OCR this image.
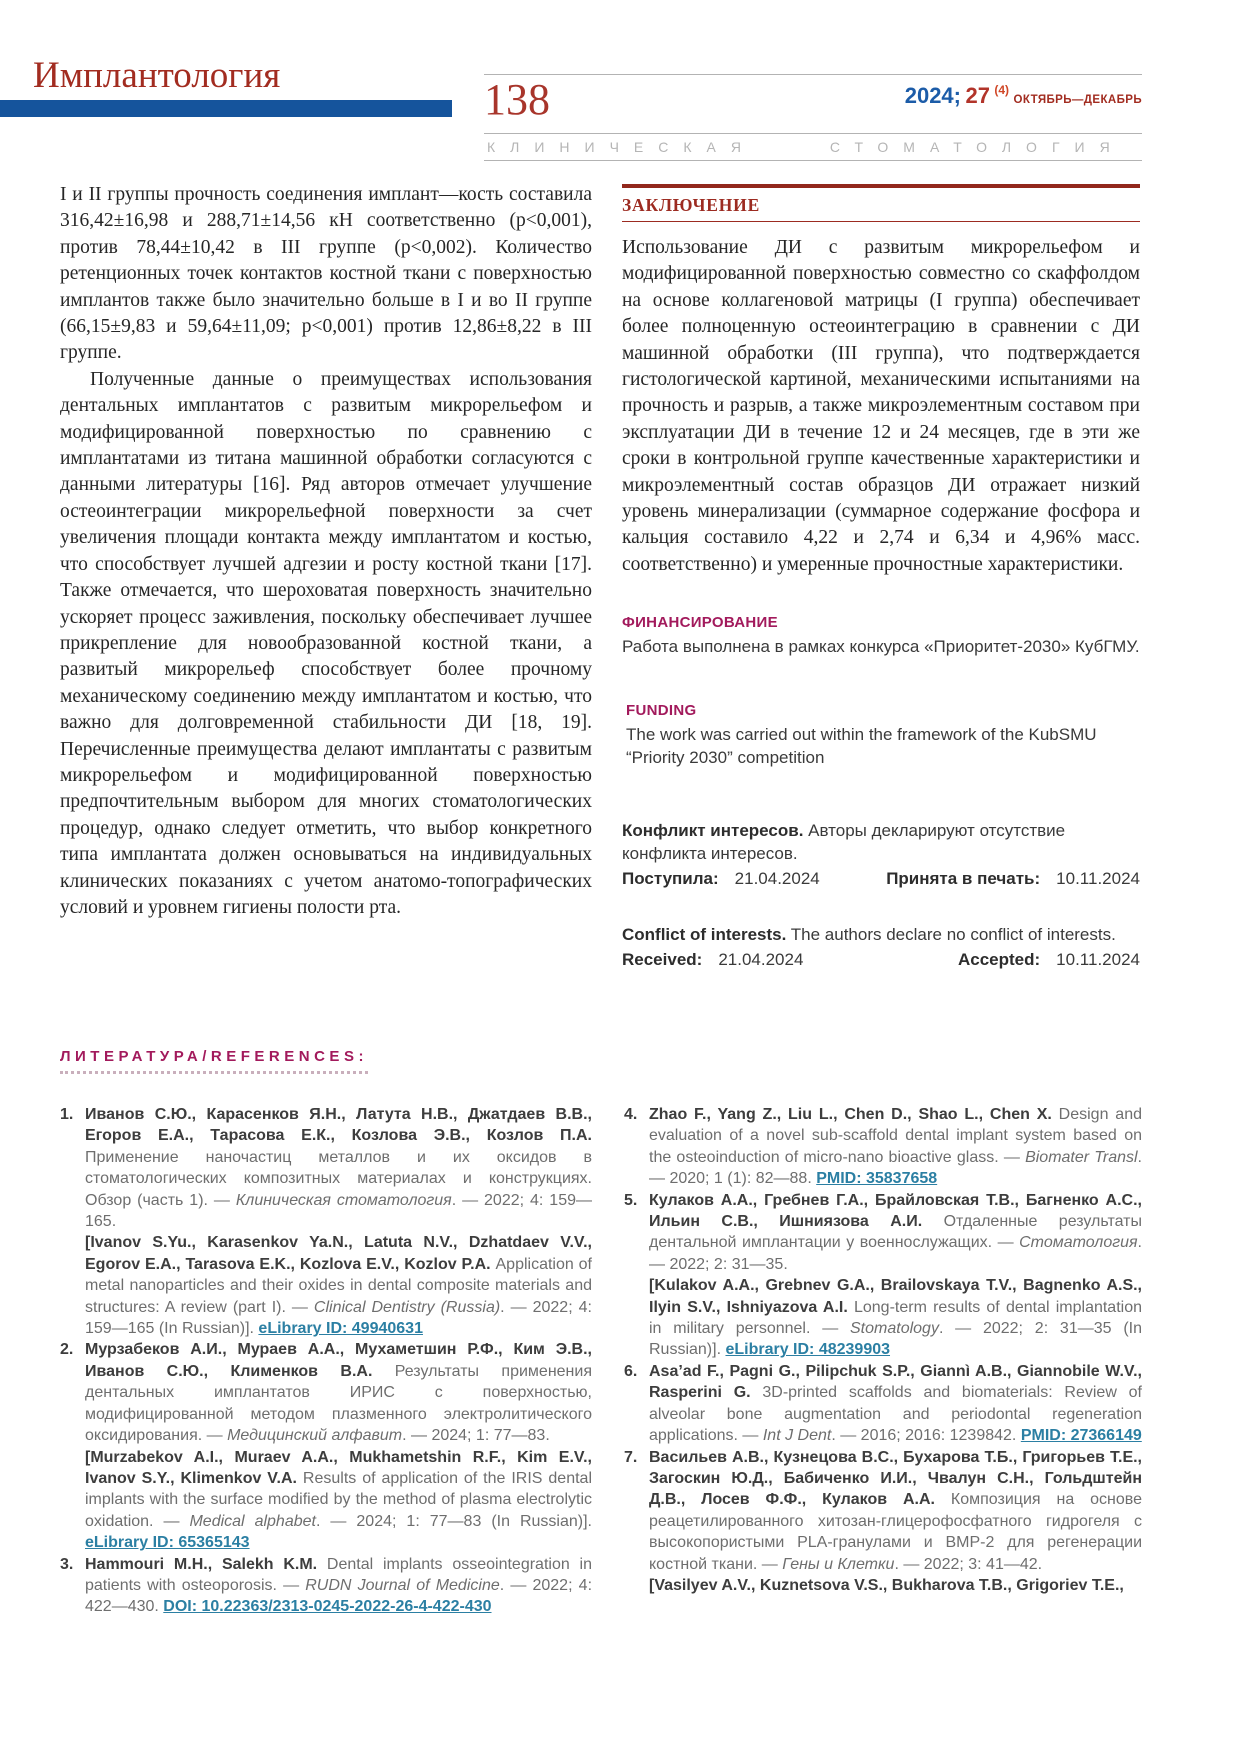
Имплантология	138	2024; 27 $^{(4)}$ ОКТЯБРЬ—ДЕКАБРЬ
КЛИНИЧЕСКАЯ СТОМАТОЛОГИЯ

I и II группы прочность соединения имплант—кость составила 316,42±16,98 и 288,71±14,56 кН соответственно (p<0,001), против 78,44±10,42 в III группе (p<0,002). Количество ретенционных точек контактов костной ткани с поверхностью имплантов также было значительно больше в I и во II группе (66,15±9,83 и 59,64±11,09; p<0,001) против 12,86±8,22 в III группе.

Полученные данные о преимуществах использования дентальных имплантатов с развитым микрорельефом и модифицированной поверхностью по сравнению с имплантатами из титана машинной обработки согласуются с данными литературы [16]. Ряд авторов отмечает улучшение остеоинтеграции микрорельефной поверхности за счет увеличения площади контакта между имплантатом и костью, что способствует лучшей адгезии и росту костной ткани [17]. Также отмечается, что шероховатая поверхность значительно ускоряет процесс заживления, поскольку обеспечивает лучшее прикрепление для новообразованной костной ткани, а развитый микрорельеф способствует более прочному механическому соединению между имплантатом и костью, что важно для долговременной стабильности ДИ [18, 19]. Перечисленные преимущества делают имплантаты с развитым микрорельефом и модифицированной поверхностью предпочтительным выбором для многих стоматологических процедур, однако следует отметить, что выбор конкретного типа имплантата должен основываться на индивидуальных клинических показаниях с учетом анатомо-топографических условий и уровнем гигиены полости рта.

ЗАКЛЮЧЕНИЕ

Использование ДИ с развитым микрорельефом и модифицированной поверхностью совместно со скаффолдом на основе коллагеновой матрицы (I группа) обеспечивает более полноценную остеоинтеграцию в сравнении с ДИ машинной обработки (III группа), что подтверждается гистологической картиной, механическими испытаниями на прочность и разрыв, а также микроэлементным составом при эксплуатации ДИ в течение 12 и 24 месяцев, где в эти же сроки в контрольной группе качественные характеристики и микроэлементный состав образцов ДИ отражает низкий уровень минерализации (суммарное содержание фосфора и кальция составило 4,22 и 2,74 и 6,34 и 4,96% масс. соответственно) и умеренные прочностные характеристики.

ФИНАНСИРОВАНИЕ
Работа выполнена в рамках конкурса «Приоритет-2030» КубГМУ.
FUNDING
The work was carried out within the framework of the KubSMU “Priority 2030” competition
Конфликт интересов. Авторы декларируют отсутствие конфликта интересов.
Поступила: 21.04.2024	Принята в печать: 10.11.2024
Conflict of interests. The authors declare no conflict of interests.
Received: 21.04.2024	Accepted: 10.11.2024
ЛИТЕРАТУРА/REFERENCES:
1. Иванов С.Ю., Карасенков Я.Н., Латута Н.В., Джатдаев В.В., Егоров Е.А., Тарасова Е.К., Козлова Э.В., Козлов П.А. Применение наночастиц металлов и их оксидов в стоматологических композитных материалах и конструкциях. Обзор (часть 1). — Клиническая стоматология. — 2022; 4: 159—165.
[Ivanov S.Yu., Karasenkov Ya.N., Latuta N.V., Dzhatdaev V.V., Egorov E.A., Tarasova E.K., Kozlova E.V., Kozlov P.A. Application of metal nanoparticles and their oxides in dental composite materials and structures: A review (part I). — Clinical Dentistry (Russia). — 2022; 4: 159—165 (In Russian)]. eLibrary ID: 49940631
2. Мурзабеков А.И., Мураев А.А., Мухаметшин Р.Ф., Ким Э.В., Иванов С.Ю., Клименков В.А. Результаты применения дентальных имплантатов ИРИС с поверхностью, модифицированной методом плазменного электролитического оксидирования. — Медицинский алфавит. — 2024; 1: 77—83.
[Murzabekov A.I., Muraev A.A., Mukhametshin R.F., Kim E.V., Ivanov S.Y., Klimenkov V.A. Results of application of the IRIS dental implants with the surface modified by the method of plasma electrolytic oxidation. — Medical alphabet. — 2024; 1: 77—83 (In Russian)]. eLibrary ID: 65365143
3. Hammouri M.H., Salekh K.M. Dental implants osseointegration in patients with osteoporosis. — RUDN Journal of Medicine. — 2022; 4: 422—430. DOI: 10.22363/2313-0245-2022-26-4-422-430
4. Zhao F., Yang Z., Liu L., Chen D., Shao L., Chen X. Design and evaluation of a novel sub-scaffold dental implant system based on the osteoinduction of micro-nano bioactive glass. — Biomater Transl. — 2020; 1 (1): 82—88. PMID: 35837658
5. Кулаков А.А., Гребнев Г.А., Брайловская Т.В., Багненко А.С., Ильин С.В., Ишниязова А.И. Отдаленные результаты дентальной имплантации у военнослужащих. — Стоматология. — 2022; 2: 31—35.
[Kulakov A.A., Grebnev G.A., Brailovskaya T.V., Bagnenko A.S., Ilyin S.V., Ishniyazova A.I. Long-term results of dental implantation in military personnel. — Stomatology. — 2022; 2: 31—35 (In Russian)]. eLibrary ID: 48239903
6. Asa’ad F., Pagni G., Pilipchuk S.P., Giannì A.B., Giannobile W.V., Rasperini G. 3D-printed scaffolds and biomaterials: Review of alveolar bone augmentation and periodontal regeneration applications. — Int J Dent. — 2016; 2016: 1239842. PMID: 27366149
7. Васильев А.В., Кузнецова В.С., Бухарова Т.Б., Григорьев Т.Е., Загоскин Ю.Д., Бабиченко И.И., Чвалун С.Н., Гольдштейн Д.В., Лосев Ф.Ф., Кулаков А.А. Композиция на основе реацетилированного хитозан-глицерофосфатного гидрогеля с высокопористыми PLA-гранулами и BMP-2 для регенерации костной ткани. — Гены и Клетки. — 2022; 3: 41—42.
[Vasilyev A.V., Kuznetsova V.S., Bukharova T.B., Grigoriev T.E.,
